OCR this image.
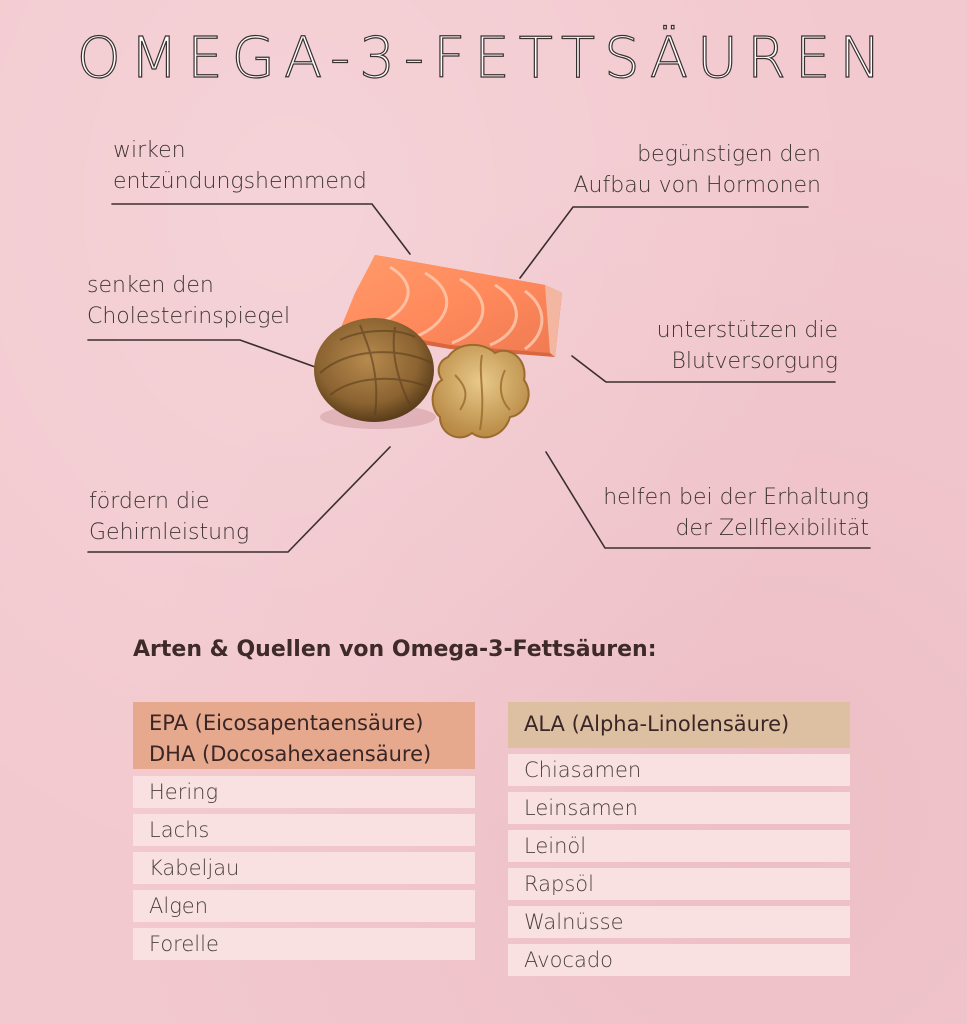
OMEGA-3-FETTSÄUREN
wirken
entzündungshemmend
senken den
Cholesterinspiegel
fördern die
Gehirnleistung
begünstigen den
Aufbau von Hormonen
unterstützen die
Blutversorgung
helfen bei der Erhaltung
der Zellflexibilität
Arten & Quellen von Omega-3-Fettsäuren:
EPA (Eicosapentaensäure)
DHA (Docosahexaensäure)
Hering
Lachs
Kabeljau
Algen
Forelle
ALA (Alpha-Linolensäure)
Chiasamen
Leinsamen
Leinöl
Rapsöl
Walnüsse
Avocado
